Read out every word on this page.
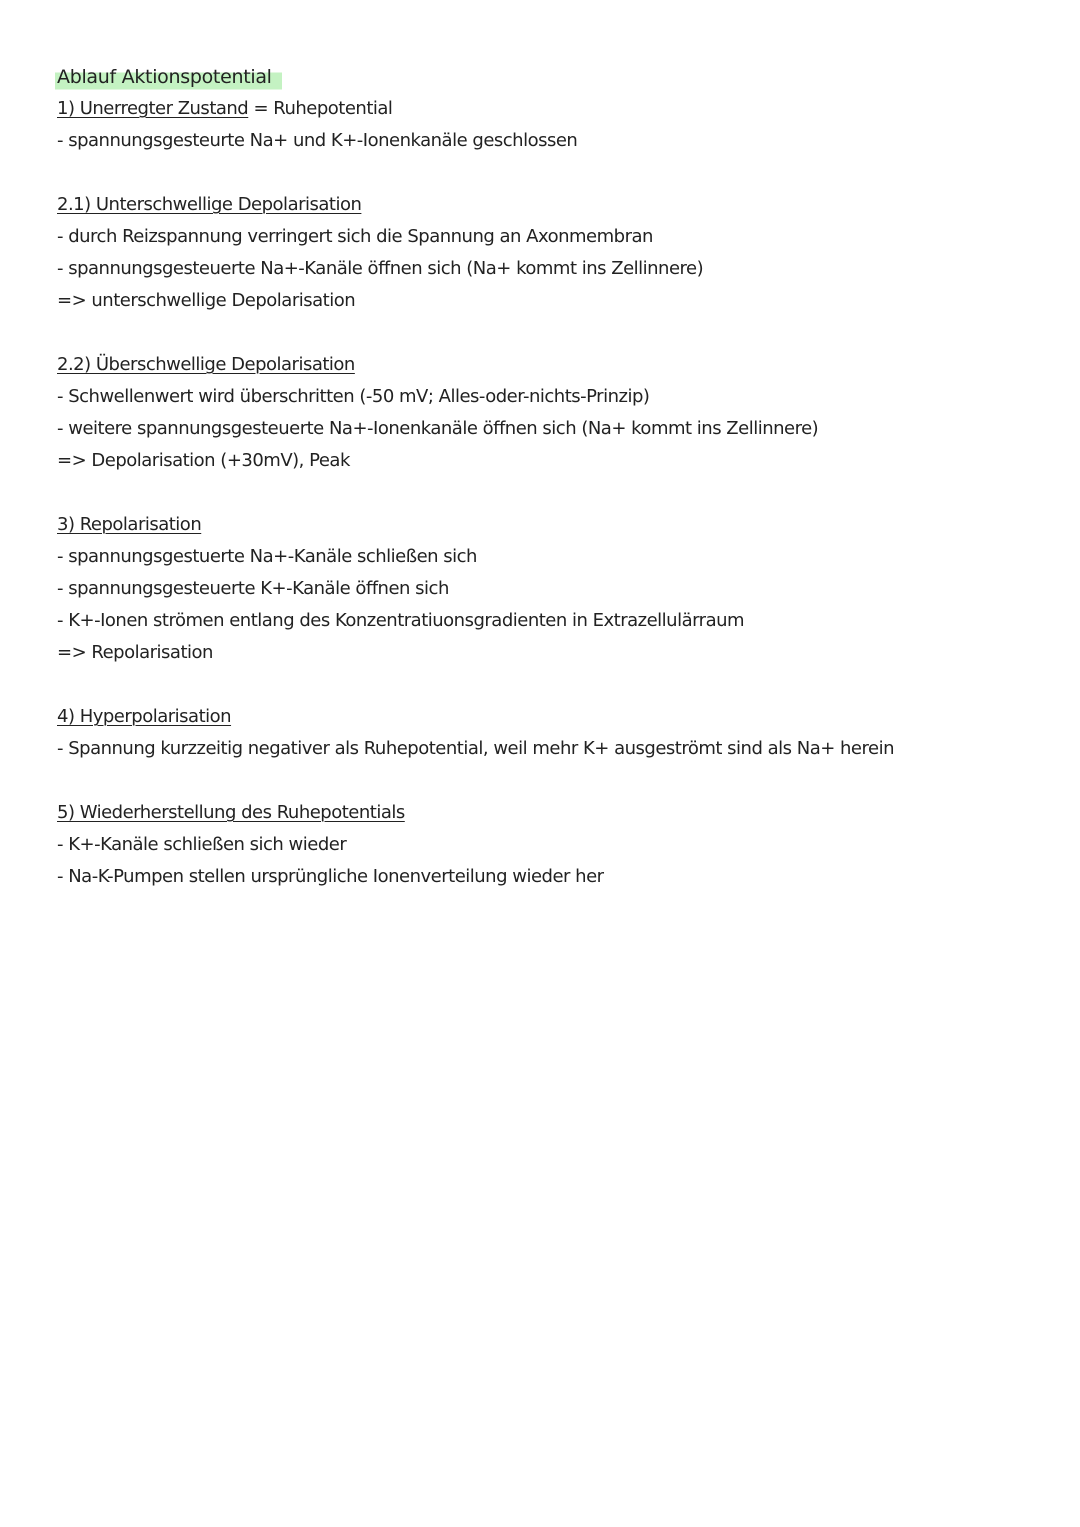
Ablauf Aktionspotential
1) Unerregter Zustand = Ruhepotential
- spannungsgesteurte Na+ und K+-Ionenkanäle geschlossen
2.1) Unterschwellige Depolarisation
- durch Reizspannung verringert sich die Spannung an Axonmembran
- spannungsgesteuerte Na+-Kanäle öffnen sich (Na+ kommt ins Zellinnere)
=> unterschwellige Depolarisation
2.2) Überschwellige Depolarisation
- Schwellenwert wird überschritten (-50 mV; Alles-oder-nichts-Prinzip)
- weitere spannungsgesteuerte Na+-Ionenkanäle öffnen sich (Na+ kommt ins Zellinnere)
=> Depolarisation (+30mV), Peak
3) Repolarisation
- spannungsgestuerte Na+-Kanäle schließen sich
- spannungsgesteuerte K+-Kanäle öffnen sich
- K+-Ionen strömen entlang des Konzentratiuonsgradienten in Extrazellulärraum
=> Repolarisation
4) Hyperpolarisation
- Spannung kurzzeitig negativer als Ruhepotential, weil mehr K+ ausgeströmt sind als Na+ herein
5) Wiederherstellung des Ruhepotentials
- K+-Kanäle schließen sich wieder
- Na-K-Pumpen stellen ursprüngliche Ionenverteilung wieder her
